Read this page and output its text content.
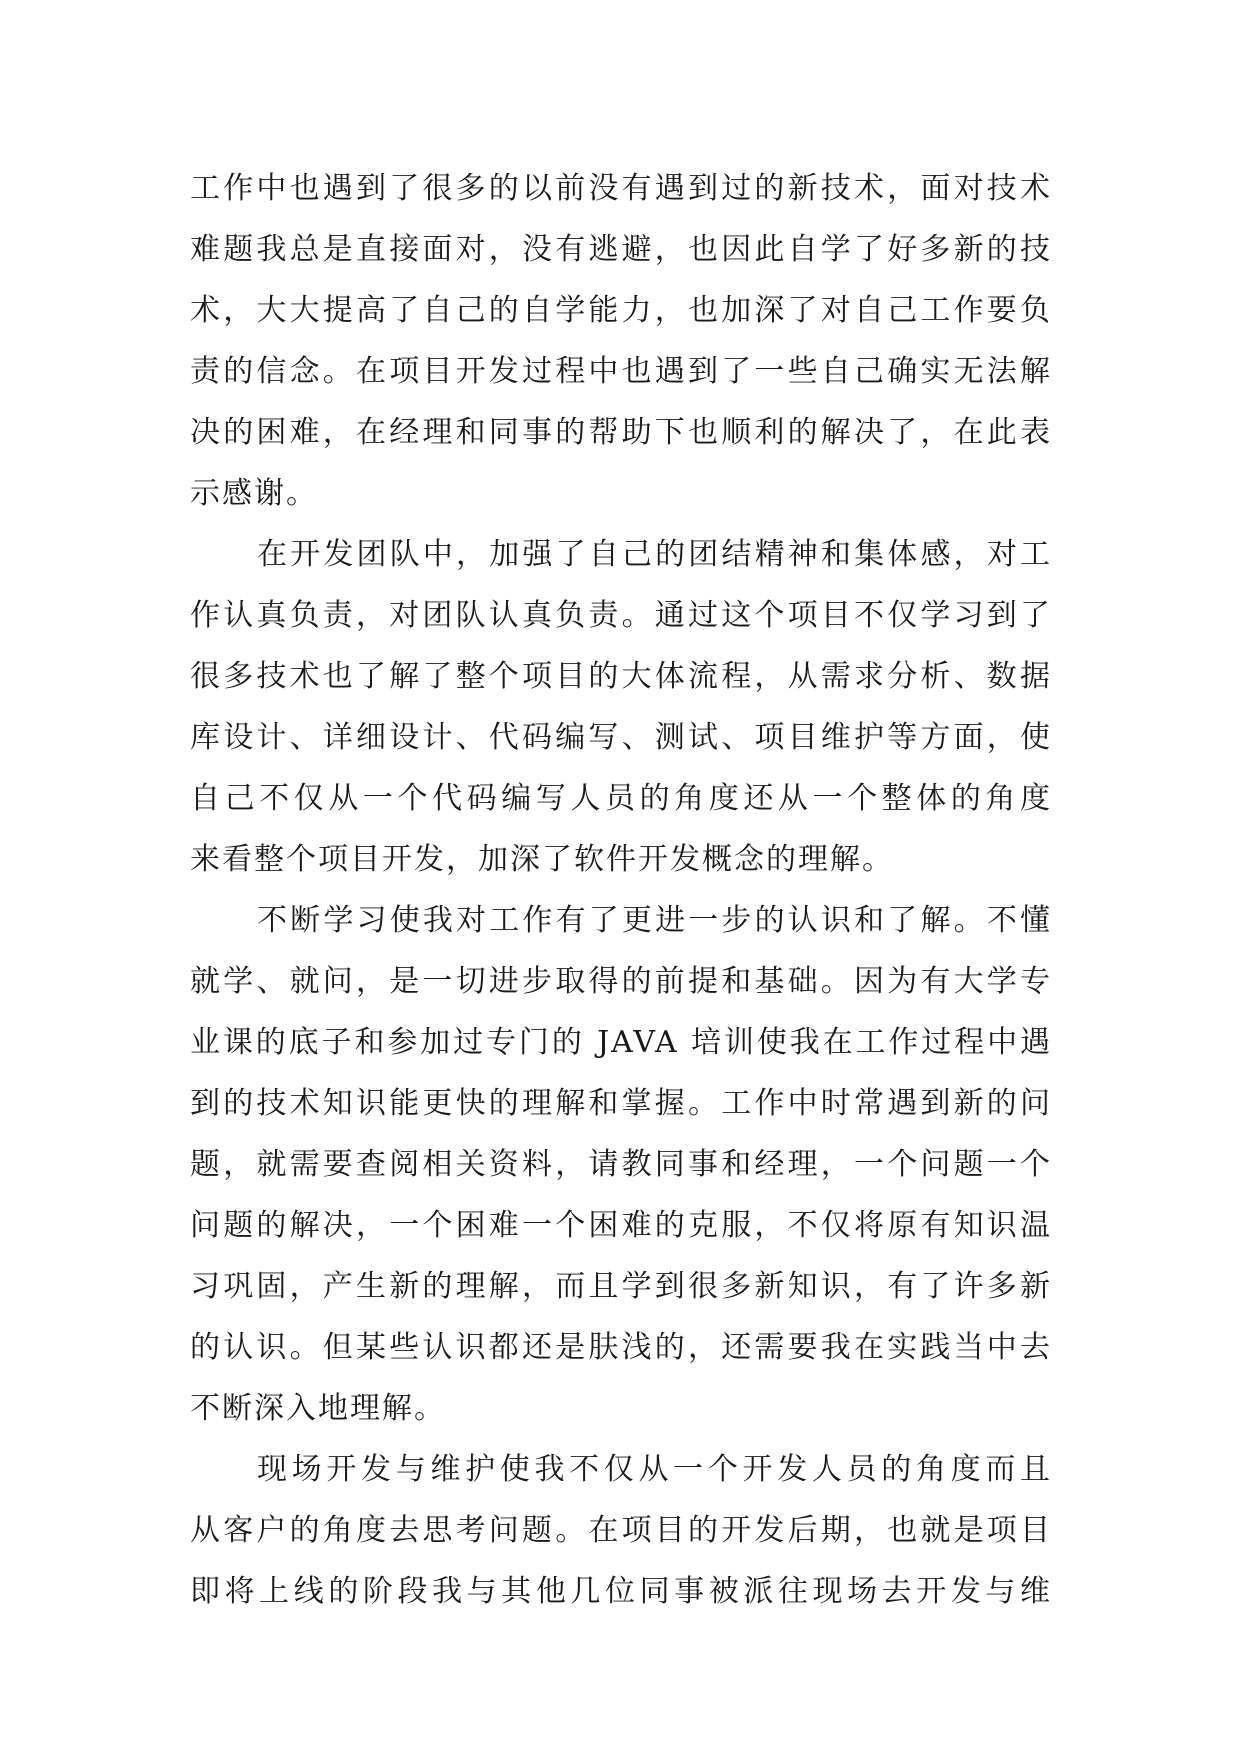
工作中也遇到了很多的以前没有遇到过的新技术，面对技术
难题我总是直接面对，没有逃避，也因此自学了好多新的技
术，大大提高了自己的自学能力，也加深了对自己工作要负
责的信念。在项目开发过程中也遇到了一些自己确实无法解
决的困难，在经理和同事的帮助下也顺利的解决了，在此表
示感谢。
在开发团队中，加强了自己的团结精神和集体感，对工
作认真负责，对团队认真负责。通过这个项目不仅学习到了
很多技术也了解了整个项目的大体流程，从需求分析、数据
库设计、详细设计、代码编写、测试、项目维护等方面，使
自己不仅从一个代码编写人员的角度还从一个整体的角度
来看整个项目开发，加深了软件开发概念的理解。
不断学习使我对工作有了更进一步的认识和了解。不懂
就学、就问，是一切进步取得的前提和基础。因为有大学专
业课的底子和参加过专门的 JAVA 培训使我在工作过程中遇
到的技术知识能更快的理解和掌握。工作中时常遇到新的问
题，就需要查阅相关资料，请教同事和经理，一个问题一个
问题的解决，一个困难一个困难的克服，不仅将原有知识温
习巩固，产生新的理解，而且学到很多新知识，有了许多新
的认识。但某些认识都还是肤浅的，还需要我在实践当中去
不断深入地理解。
现场开发与维护使我不仅从一个开发人员的角度而且
从客户的角度去思考问题。在项目的开发后期，也就是项目
即将上线的阶段我与其他几位同事被派往现场去开发与维
